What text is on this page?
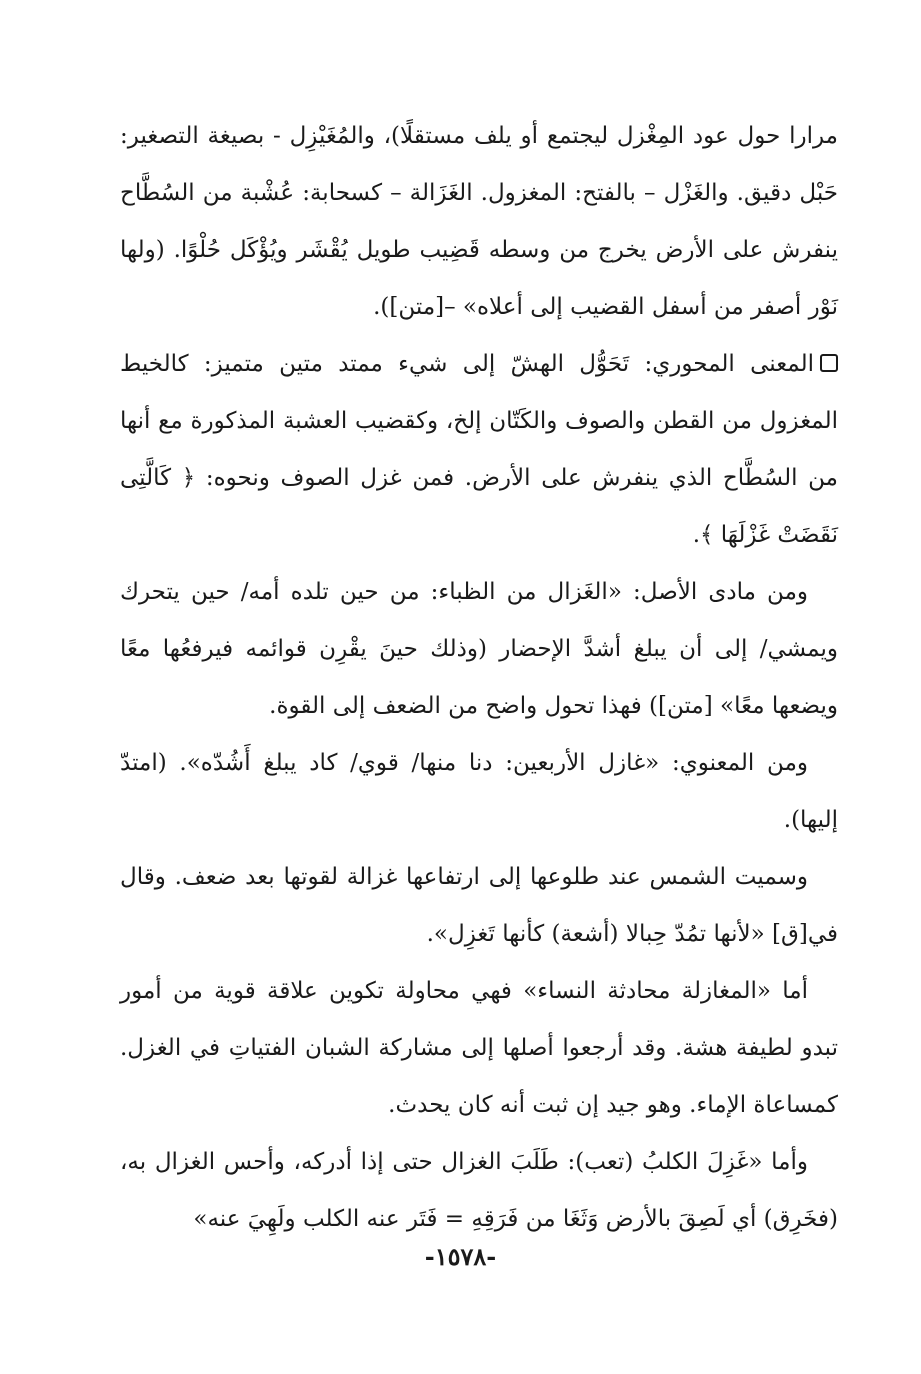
مرارا حول عود المِغْزل ليجتمع أو يلف مستقلًا)، والمُغَيْزِل - بصيغة التصغير: حَبْل دقيق. والغَزْل – بالفتح: المغزول. الغَزَالة – كسحابة: عُشْبة من السُطَّاح ينفرش على الأرض يخرج من وسطه قَضِيب طويل يُقْشَر ويُؤْكَل حُلْوًا. (ولها نَوْر أصفر من أسفل القضيب إلى أعلاه» –[متن]).

المعنى المحوري: تَحَوُّل الهشّ إلى شيء ممتد متين متميز: كالخيط المغزول من القطن والصوف والكَتّان إلخ، وكقضيب العشبة المذكورة مع أنها من السُطَّاح الذي ينفرش على الأرض. فمن غزل الصوف ونحوه: ﴿ كَالَّتِى نَقَضَتْ غَزْلَهَا ﴾.

ومن مادى الأصل: «الغَزال من الظباء: من حين تلده أمه/ حين يتحرك ويمشي/ إلى أن يبلغ أشدَّ الإحضار (وذلك حينَ يقْرِن قوائمه فيرفعُها معًا ويضعها معًا» [متن]) فهذا تحول واضح من الضعف إلى القوة.

ومن المعنوي: «غازل الأربعين: دنا منها/ قوي/ كاد يبلغ أَشُدّه». (امتدّ إليها).

وسميت الشمس عند طلوعها إلى ارتفاعها غزالة لقوتها بعد ضعف. وقال في[ق] «لأنها تمُدّ حِبالا (أشعة) كأنها تَغزِل».

أما «المغازلة محادثة النساء» فهي محاولة تكوين علاقة قوية من أمور تبدو لطيفة هشة. وقد أرجعوا أصلها إلى مشاركة الشبان الفتياتِ في الغزل. كمساعاة الإماء. وهو جيد إن ثبت أنه كان يحدث.

وأما «غَزِلَ الكلبُ (تعب): طَلَبَ الغزال حتى إذا أدركه، وأحس الغزال به، (فخَرِق) أي لَصِقَ بالأرض وَثَغَا من فَرَقِهِ = فَتَر عنه الكلب ولَهِيَ عنه»

-١٥٧٨-
